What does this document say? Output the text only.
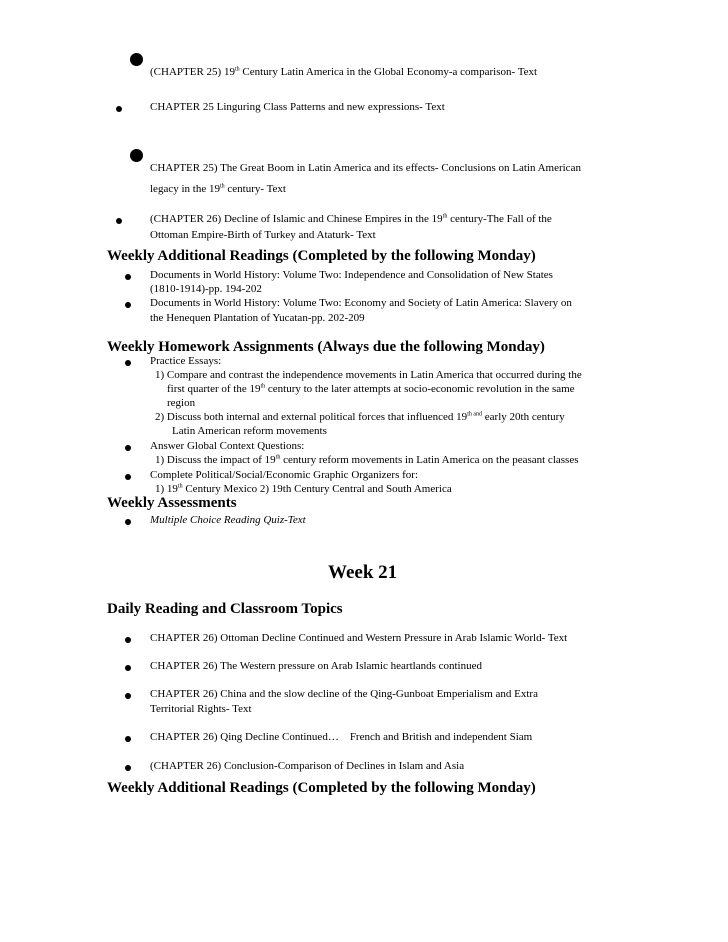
(CHAPTER 25) 19th Century Latin America in the Global Economy-a comparison- Text
CHAPTER 25 Linguring Class Patterns and new expressions- Text
CHAPTER 25) The Great Boom in Latin America and its effects- Conclusions on Latin American
legacy in the 19th century- Text
(CHAPTER 26) Decline of Islamic and Chinese Empires in the 19th century-The Fall of the
Ottoman Empire-Birth of Turkey and Ataturk- Text
Weekly Additional Readings (Completed by the following Monday)
Documents in World History: Volume Two: Independence and Consolidation of New States
(1810-1914)-pp. 194-202
Documents in World History: Volume Two: Economy and Society of Latin America: Slavery on
the Henequen Plantation of Yucatan-pp. 202-209
Weekly Homework Assignments (Always due the following Monday)
Practice Essays:
1) Compare and contrast the independence movements in Latin America that occurred during the
first quarter of the 19th century to the later attempts at socio-economic revolution in the same
region
2) Discuss both internal and external political forces that influenced $19^{th and}$ early 20th century
Latin American reform movements
Answer Global Context Questions:
1) Discuss the impact of 19th century reform movements in Latin America on the peasant classes
Complete Political/Social/Economic Graphic Organizers for:
1) 19th Century Mexico 2) 19th Century Central and South America
Weekly Assessments
Multiple Choice Reading Quiz-Text
Week 21
Daily Reading and Classroom Topics
CHAPTER 26) Ottoman Decline Continued and Western Pressure in Arab Islamic World- Text
CHAPTER 26) The Western pressure on Arab Islamic heartlands continued
CHAPTER 26) China and the slow decline of the Qing-Gunboat Emperialism and Extra
Territorial Rights- Text
CHAPTER 26) Qing Decline Continued…    French and British and independent Siam
(CHAPTER 26) Conclusion-Comparison of Declines in Islam and Asia
Weekly Additional Readings (Completed by the following Monday)
